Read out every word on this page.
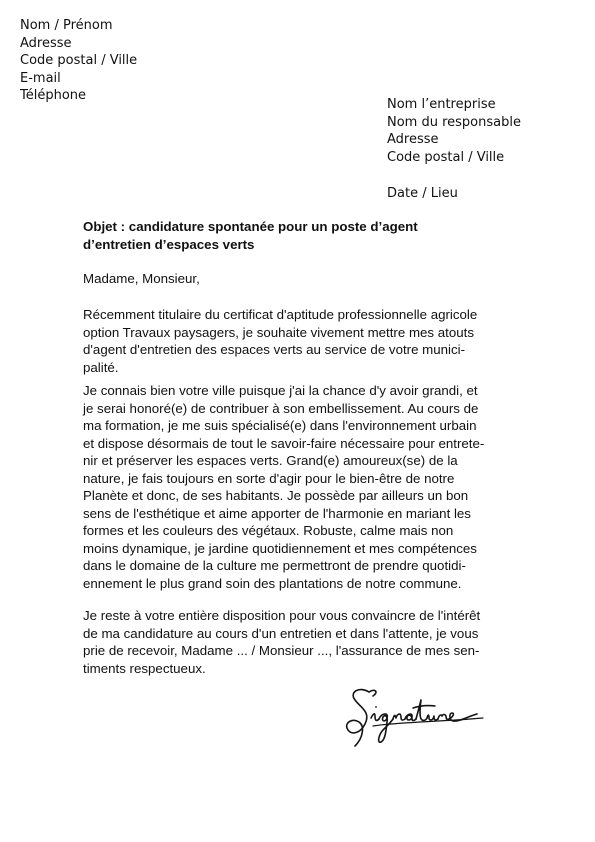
Nom / Prénom
Adresse
Code postal / Ville
E-mail
Téléphone
Nom l’entreprise
Nom du responsable
Adresse
Code postal / Ville
Date / Lieu
Objet : candidature spontanée pour un poste d’agent
d’entretien d’espaces verts
Madame, Monsieur,
Récemment titulaire du certificat d'aptitude professionnelle agricole
option Travaux paysagers, je souhaite vivement mettre mes atouts
d'agent d'entretien des espaces verts au service de votre munici-
palité.
Je connais bien votre ville puisque j'ai la chance d'y avoir grandi, et
je serai honoré(e) de contribuer à son embellissement. Au cours de
ma formation, je me suis spécialisé(e) dans l'environnement urbain
et dispose désormais de tout le savoir-faire nécessaire pour entrete-
nir et préserver les espaces verts. Grand(e) amoureux(se) de la
nature, je fais toujours en sorte d'agir pour le bien-être de notre
Planète et donc, de ses habitants. Je possède par ailleurs un bon
sens de l'esthétique et aime apporter de l'harmonie en mariant les
formes et les couleurs des végétaux. Robuste, calme mais non
moins dynamique, je jardine quotidiennement et mes compétences
dans le domaine de la culture me permettront de prendre quotidi-
ennement le plus grand soin des plantations de notre commune.
Je reste à votre entière disposition pour vous convaincre de l'intérêt
de ma candidature au cours d'un entretien et dans l'attente, je vous
prie de recevoir, Madame ... / Monsieur ..., l'assurance de mes sen-
timents respectueux.
